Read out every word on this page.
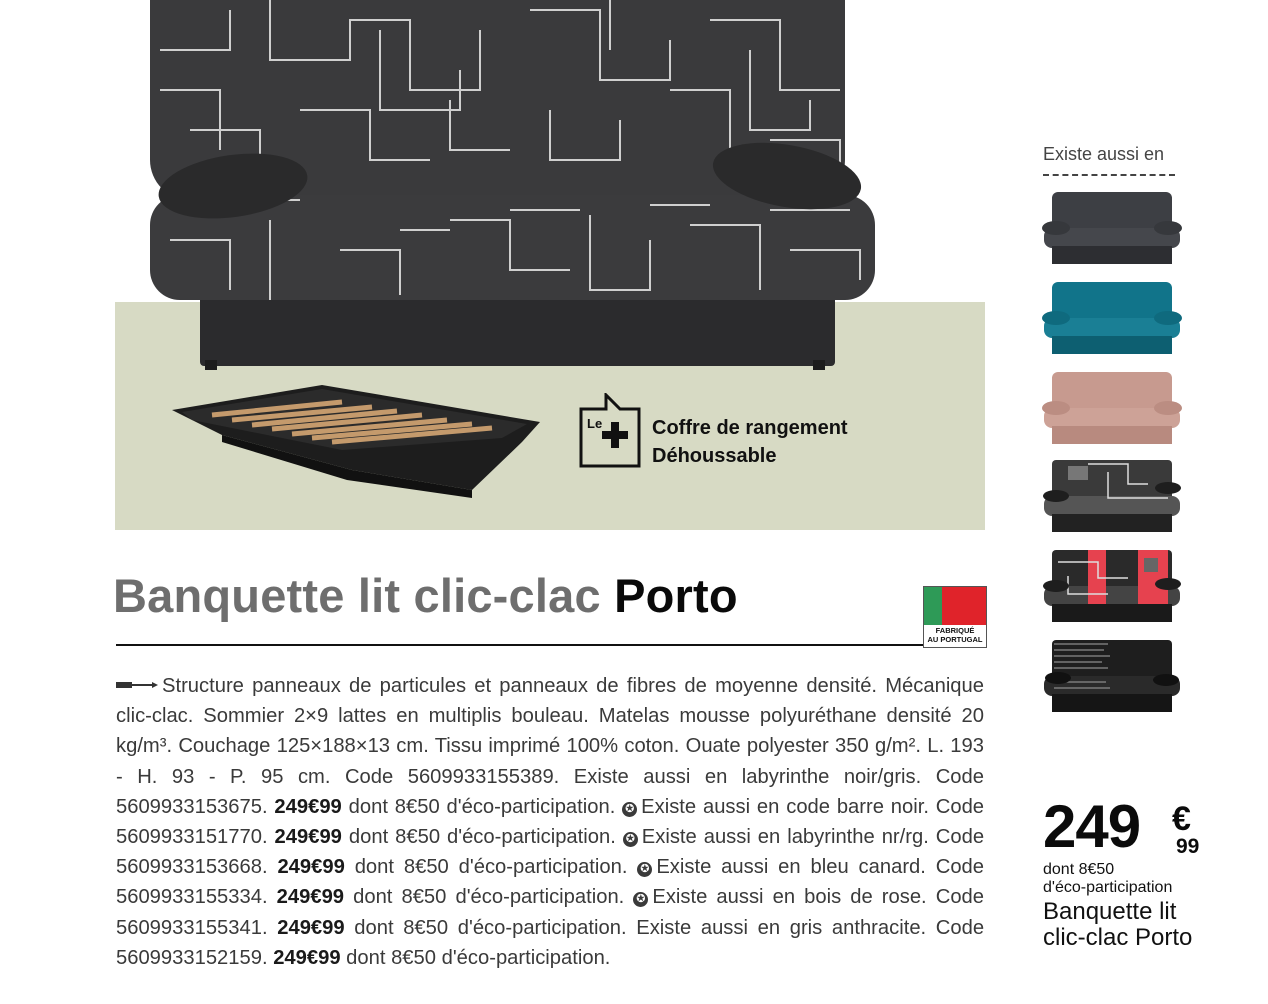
Le Coffre de rangement
Déhoussable
Banquette lit clic-clac Porto
FABRIQUÉ
AU PORTUGAL
Structure panneaux de particules et panneaux de fibres de moyenne densité. Mécanique clic-clac. Sommier 2×9 lattes en multiplis bouleau. Matelas mousse polyuréthane densité 20 kg/m³. Couchage 125×188×13 cm. Tissu imprimé 100% coton. Ouate polyester 350 g/m². L. 193 - H. 93 - P. 95 cm. Code 5609933155389. Existe aussi en labyrinthe noir/gris. Code 5609933153675. 249€99 dont 8€50 d'éco-participation. ✪ Existe aussi en code barre noir. Code 5609933151770. 249€99 dont 8€50 d'éco-participation. ✪ Existe aussi en labyrinthe nr/rg. Code 5609933153668. 249€99 dont 8€50 d'éco-participation. ✪ Existe aussi en bleu canard. Code 5609933155334. 249€99 dont 8€50 d'éco-participation. ✪ Existe aussi en bois de rose. Code 5609933155341. 249€99 dont 8€50 d'éco-participation. Existe aussi en gris anthracite. Code 5609933152159. 249€99 dont 8€50 d'éco-participation.
Existe aussi en
249 €
99
dont 8€50
d'éco-participation
Banquette lit
clic-clac Porto
